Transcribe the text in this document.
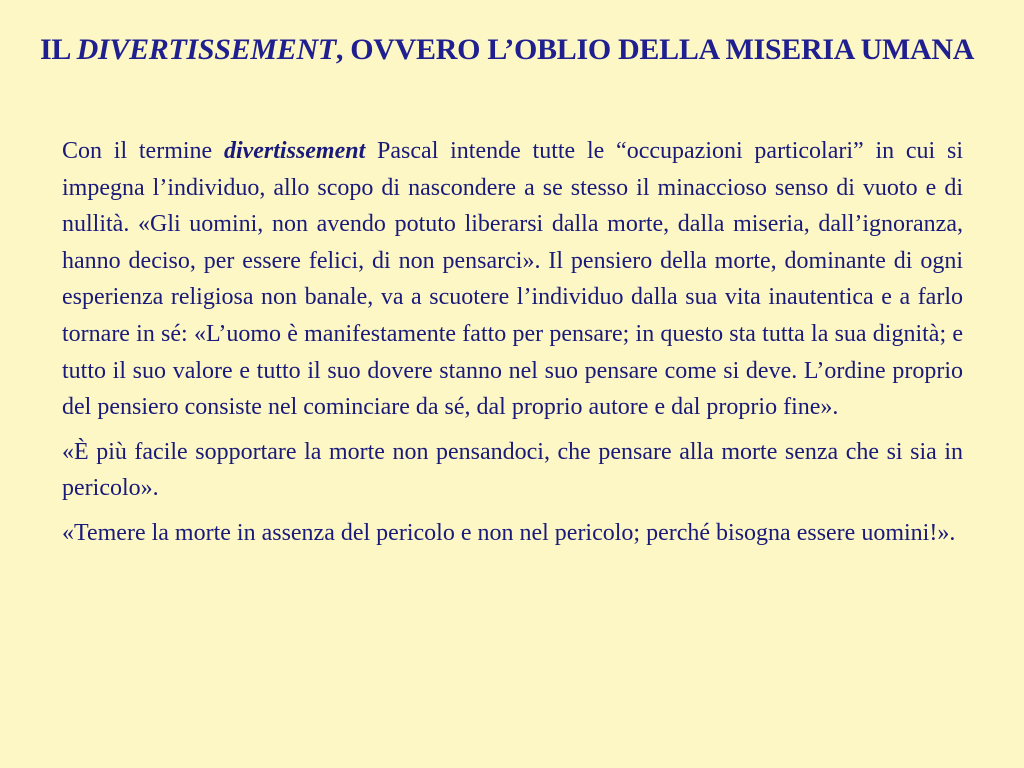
IL DIVERTISSEMENT, OVVERO L’OBLIO DELLA MISERIA UMANA

Con il termine divertissement Pascal intende tutte le “occupazioni particolari” in cui si impegna l’individuo, allo scopo di nascondere a se stesso il minaccioso senso di vuoto e di nullità. «Gli uomini, non avendo potuto liberarsi dalla morte, dalla miseria, dall’ignoranza, hanno deciso, per essere felici, di non pensarci». Il pensiero della morte, dominante di ogni esperienza religiosa non banale, va a scuotere l’individuo dalla sua vita inautentica e a farlo tornare in sé: «L’uomo è manifestamente fatto per pensare; in questo sta tutta la sua dignità; e tutto il suo valore e tutto il suo dovere stanno nel suo pensare come si deve. L’ordine proprio del pensiero consiste nel cominciare da sé, dal proprio autore e dal proprio fine».

«È più facile sopportare la morte non pensandoci, che pensare alla morte senza che si sia in pericolo».

«Temere la morte in assenza del pericolo e non nel pericolo; perché bisogna essere uomini!».
